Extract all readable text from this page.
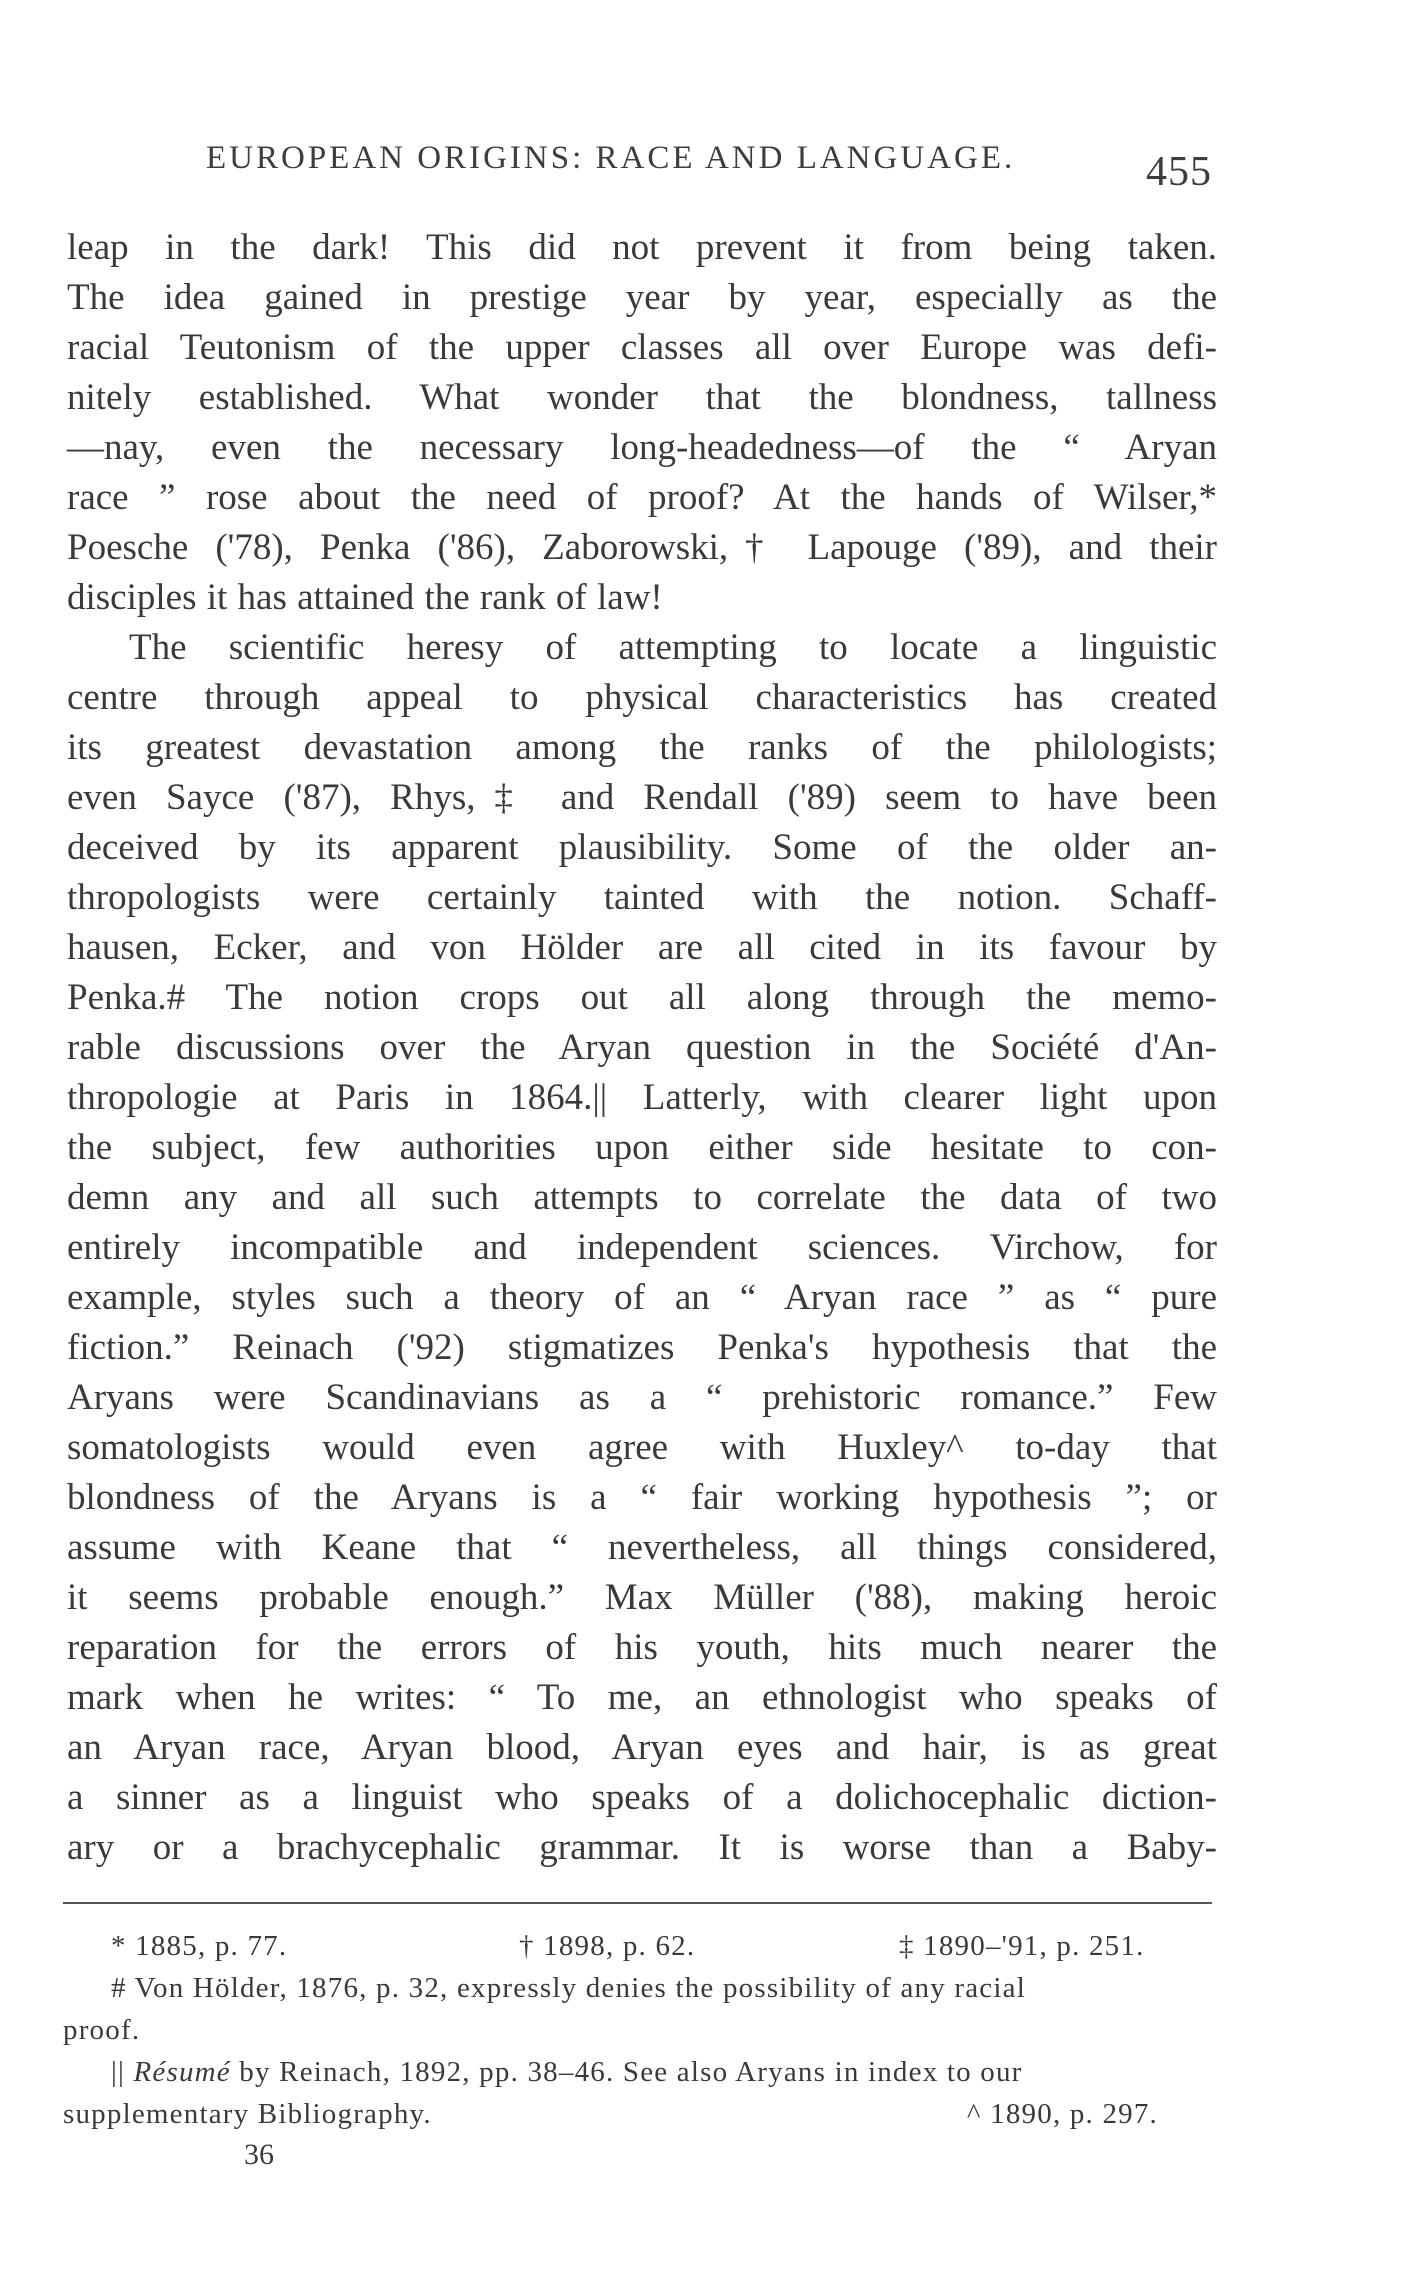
EUROPEAN ORIGINS: RACE AND LANGUAGE.	455
leap in the dark! This did not prevent it from being taken.
The idea gained in prestige year by year, especially as the
racial Teutonism of the upper classes all over Europe was defi-
nitely established. What wonder that the blondness, tallness
—nay, even the necessary long-headedness—of the “ Aryan
race ” rose about the need of proof? At the hands of Wilser,*
Poesche ('78), Penka ('86), Zaborowski,† Lapouge ('89), and their
disciples it has attained the rank of law!
The scientific heresy of attempting to locate a linguistic
centre through appeal to physical characteristics has created
its greatest devastation among the ranks of the philologists;
even Sayce ('87), Rhys,‡ and Rendall ('89) seem to have been
deceived by its apparent plausibility. Some of the older an-
thropologists were certainly tainted with the notion. Schaff-
hausen, Ecker, and von Hölder are all cited in its favour by
Penka.# The notion crops out all along through the memo-
rable discussions over the Aryan question in the Société d'An-
thropologie at Paris in 1864.|| Latterly, with clearer light upon
the subject, few authorities upon either side hesitate to con-
demn any and all such attempts to correlate the data of two
entirely incompatible and independent sciences. Virchow, for
example, styles such a theory of an “ Aryan race ” as “ pure
fiction.” Reinach ('92) stigmatizes Penka's hypothesis that the
Aryans were Scandinavians as a “ prehistoric romance.” Few
somatologists would even agree with Huxley^ to-day that
blondness of the Aryans is a “ fair working hypothesis ”; or
assume with Keane that “ nevertheless, all things considered,
it seems probable enough.” Max Müller ('88), making heroic
reparation for the errors of his youth, hits much nearer the
mark when he writes: “ To me, an ethnologist who speaks of
an Aryan race, Aryan blood, Aryan eyes and hair, is as great
a sinner as a linguist who speaks of a dolichocephalic diction-
ary or a brachycephalic grammar. It is worse than a Baby-
* 1885, p. 77.	† 1898, p. 62.	‡ 1890–'91, p. 251.
# Von Hölder, 1876, p. 32, expressly denies the possibility of any racial
proof.
|| Résumé by Reinach, 1892, pp. 38–46. See also Aryans in index to our
supplementary Bibliography.	^ 1890, p. 297.
36
